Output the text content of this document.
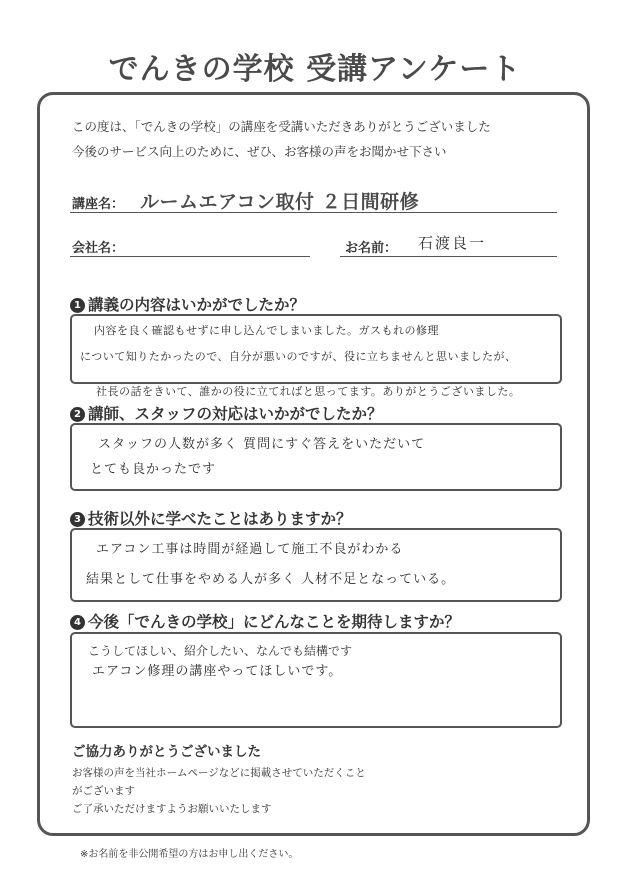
でんきの学校 受講アンケート
この度は、「でんきの学校」の講座を受講いただきありがとうございました
今後のサービス向上のために、ぜひ、お客様の声をお聞かせ下さい
講座名： ルームエアコン取付 ２日間研修
会社名：	お名前： 石渡良一
1 講義の内容はいかがでしたか？
内容を良く確認もせずに申し込んでしまいました。ガスもれの修理
について知りたかったので、自分が悪いのですが、役に立ちませんと思いましたが、
社長の話をきいて、誰かの役に立てればと思ってます。ありがとうございました。
2 講師、スタッフの対応はいかがでしたか？
スタッフの人数が多く 質問にすぐ答えをいただいて
とても良かったです
3 技術以外に学べたことはありますか？
エアコン工事は時間が経過して施工不良がわかる
結果として仕事をやめる人が多く 人材不足となっている。
4 今後「でんきの学校」にどんなことを期待しますか？
こうしてほしい、紹介したい、なんでも結構です
エアコン修理の講座やってほしいです。
ご協力ありがとうございました
お客様の声を当社ホームページなどに掲載させていただくこと
がございます
ご了承いただけますようお願いいたします
※お名前を非公開希望の方はお申し出ください。
